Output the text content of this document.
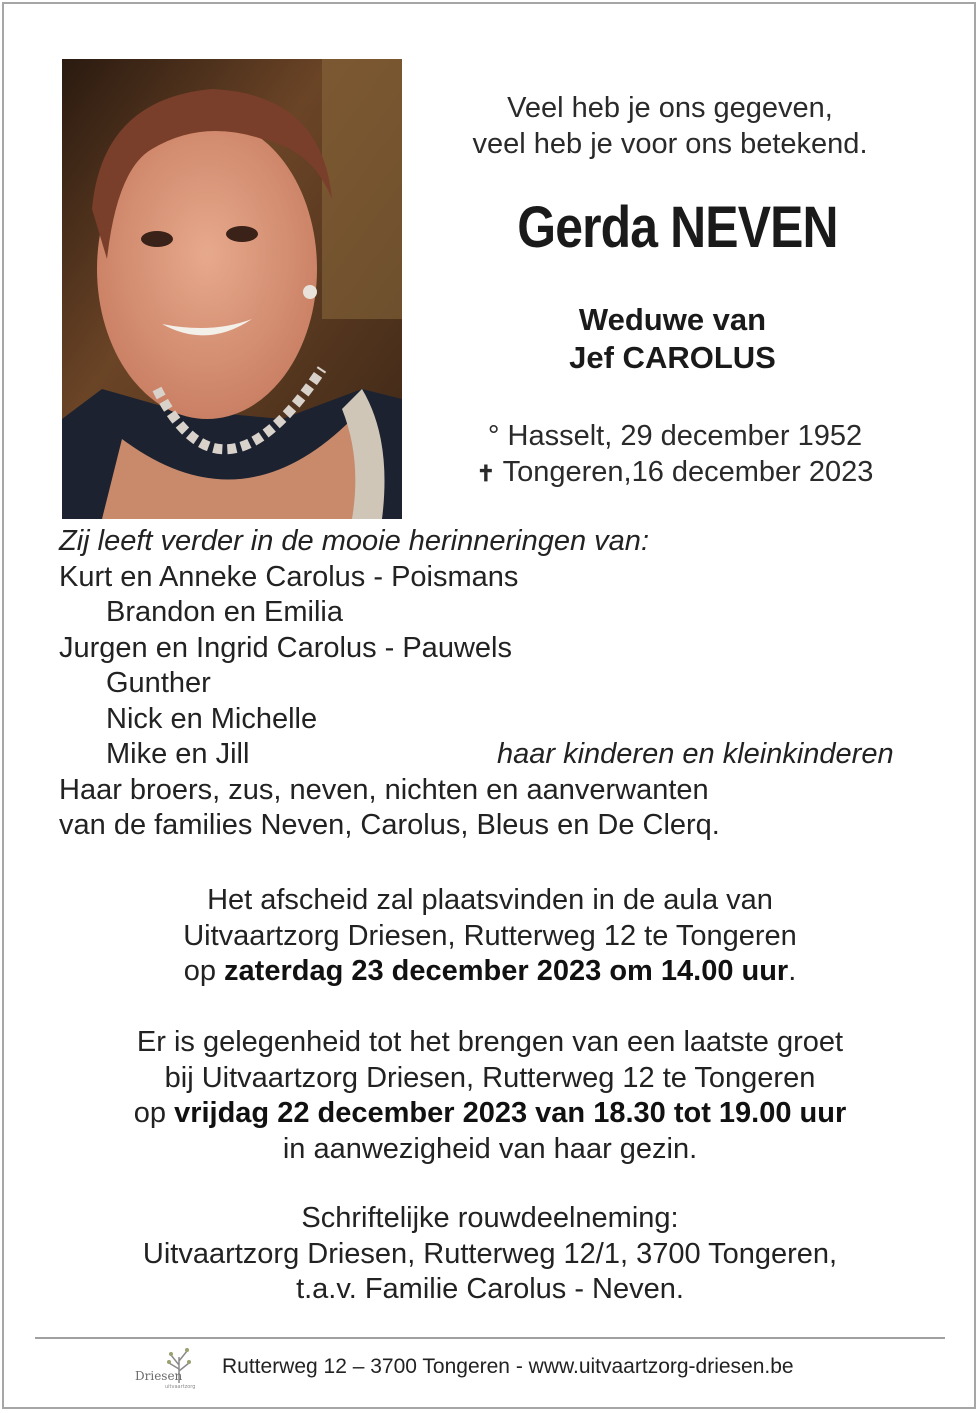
Veel heb je ons gegeven,
veel heb je voor ons betekend.
Gerda NEVEN
Weduwe van
Jef CAROLUS
° Hasselt, 29 december 1952
✝ Tongeren,16 december 2023
Zij leeft verder in de mooie herinneringen van:
Kurt en Anneke Carolus - Poismans
Brandon en Emilia
Jurgen en Ingrid Carolus - Pauwels
Gunther
Nick en Michelle
Mike en Jill	haar kinderen en kleinkinderen
Haar broers, zus, neven, nichten en aanverwanten
van de families Neven, Carolus, Bleus en De Clerq.
Het afscheid zal plaatsvinden in de aula van
Uitvaartzorg Driesen, Rutterweg 12 te Tongeren
op zaterdag 23 december 2023 om 14.00 uur.
Er is gelegenheid tot het brengen van een laatste groet
bij Uitvaartzorg Driesen, Rutterweg 12 te Tongeren
op vrijdag 22 december 2023 van 18.30 tot 19.00 uur
in aanwezigheid van haar gezin.
Schriftelijke rouwdeelneming:
Uitvaartzorg Driesen, Rutterweg 12/1, 3700 Tongeren,
t.a.v. Familie Carolus - Neven.
Driesen
uitvaartzorg
Rutterweg 12 – 3700 Tongeren - www.uitvaartzorg-driesen.be
